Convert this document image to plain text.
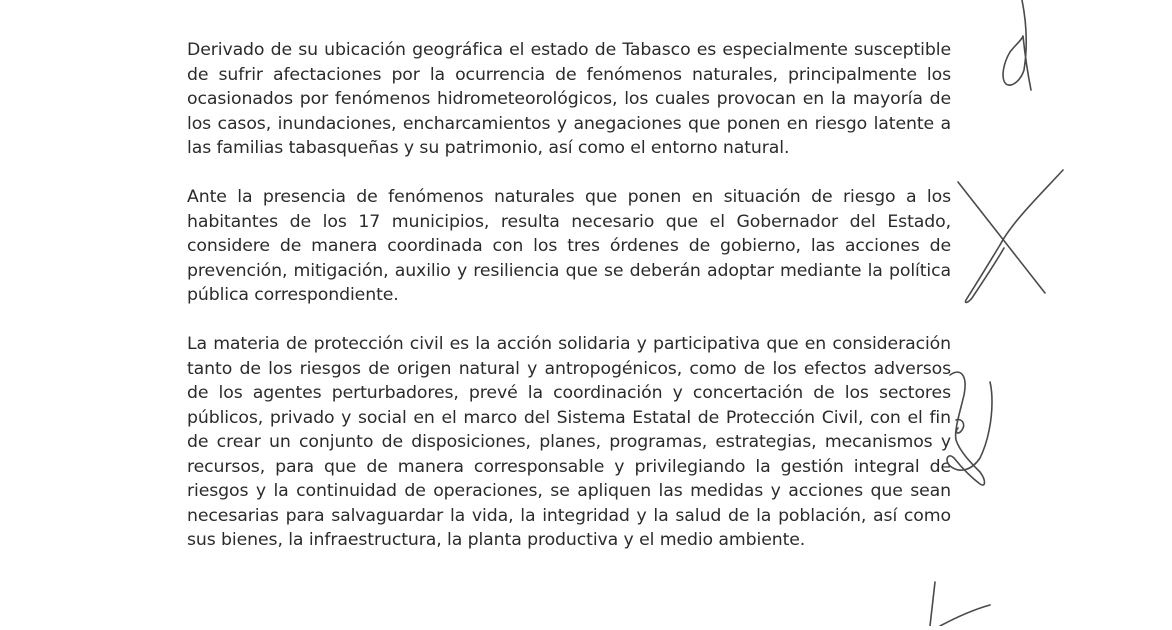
Derivado de su ubicación geográfica el estado de Tabasco es especialmente susceptible de sufrir afectaciones por la ocurrencia de fenómenos naturales, principalmente los ocasionados por fenómenos hidrometeorológicos, los cuales provocan en la mayoría de los casos, inundaciones, encharcamientos y anegaciones que ponen en riesgo latente a las familias tabasqueñas y su patrimonio, así como el entorno natural.

Ante la presencia de fenómenos naturales que ponen en situación de riesgo a los habitantes de los 17 municipios, resulta necesario que el Gobernador del Estado, considere de manera coordinada con los tres órdenes de gobierno, las acciones de prevención, mitigación, auxilio y resiliencia que se deberán adoptar mediante la política pública correspondiente.

La materia de protección civil es la acción solidaria y participativa que en consideración tanto de los riesgos de origen natural y antropogénicos, como de los efectos adversos de los agentes perturbadores, prevé la coordinación y concertación de los sectores públicos, privado y social en el marco del Sistema Estatal de Protección Civil, con el fin de crear un conjunto de disposiciones, planes, programas, estrategias, mecanismos y recursos, para que de manera corresponsable y privilegiando la gestión integral de riesgos y la continuidad de operaciones, se apliquen las medidas y acciones que sean necesarias para salvaguardar la vida, la integridad y la salud de la población, así como sus bienes, la infraestructura, la planta productiva y el medio ambiente.
